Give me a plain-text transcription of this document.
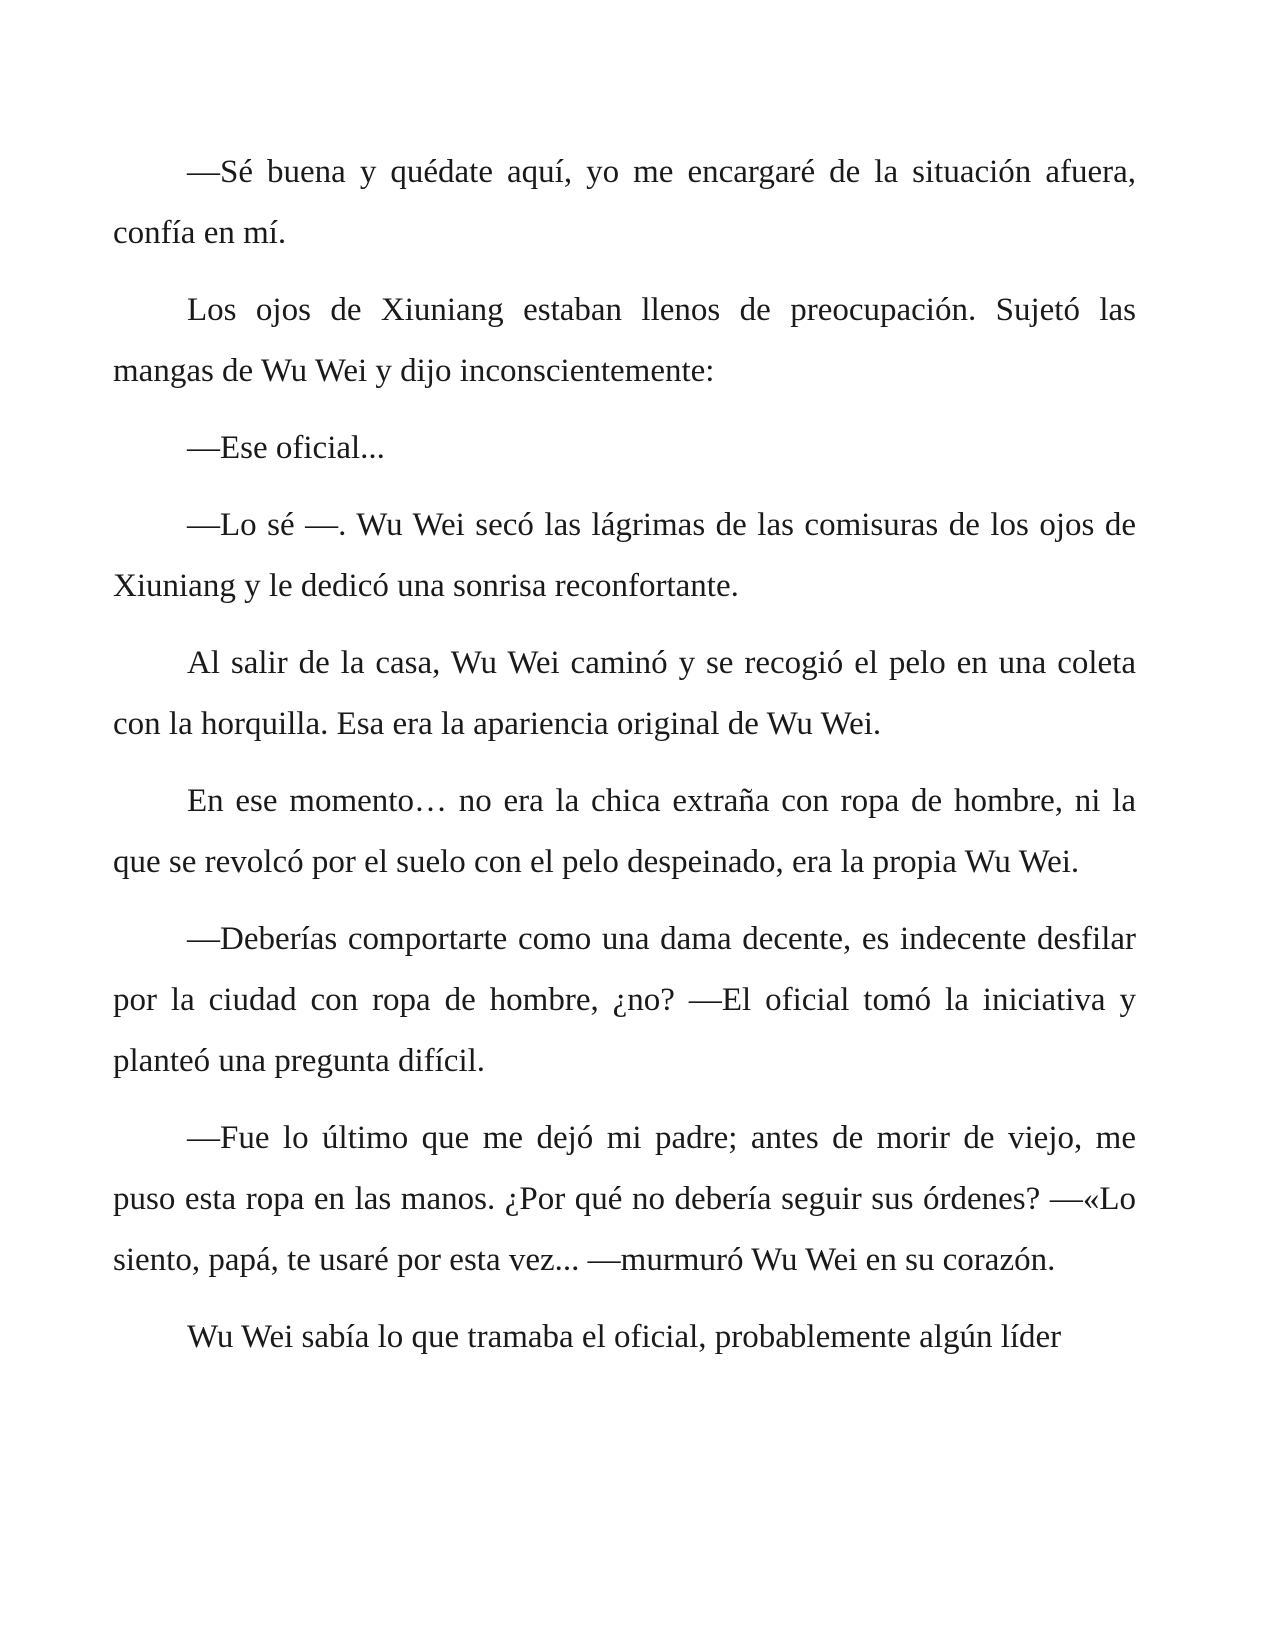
—Sé buena y quédate aquí, yo me encargaré de la situación afuera, confía en mí.

Los ojos de Xiuniang estaban llenos de preocupación. Sujetó las mangas de Wu Wei y dijo inconscientemente:

—Ese oficial...

—Lo sé —. Wu Wei secó las lágrimas de las comisuras de los ojos de Xiuniang y le dedicó una sonrisa reconfortante.

Al salir de la casa, Wu Wei caminó y se recogió el pelo en una coleta con la horquilla. Esa era la apariencia original de Wu Wei.

En ese momento… no era la chica extraña con ropa de hombre, ni la que se revolcó por el suelo con el pelo despeinado, era la propia Wu Wei.

—Deberías comportarte como una dama decente, es indecente desfilar por la ciudad con ropa de hombre, ¿no? —El oficial tomó la iniciativa y planteó una pregunta difícil.

—Fue lo último que me dejó mi padre; antes de morir de viejo, me puso esta ropa en las manos. ¿Por qué no debería seguir sus órdenes? —«Lo siento, papá, te usaré por esta vez... —murmuró Wu Wei en su corazón.

Wu Wei sabía lo que tramaba el oficial, probablemente algún líder
